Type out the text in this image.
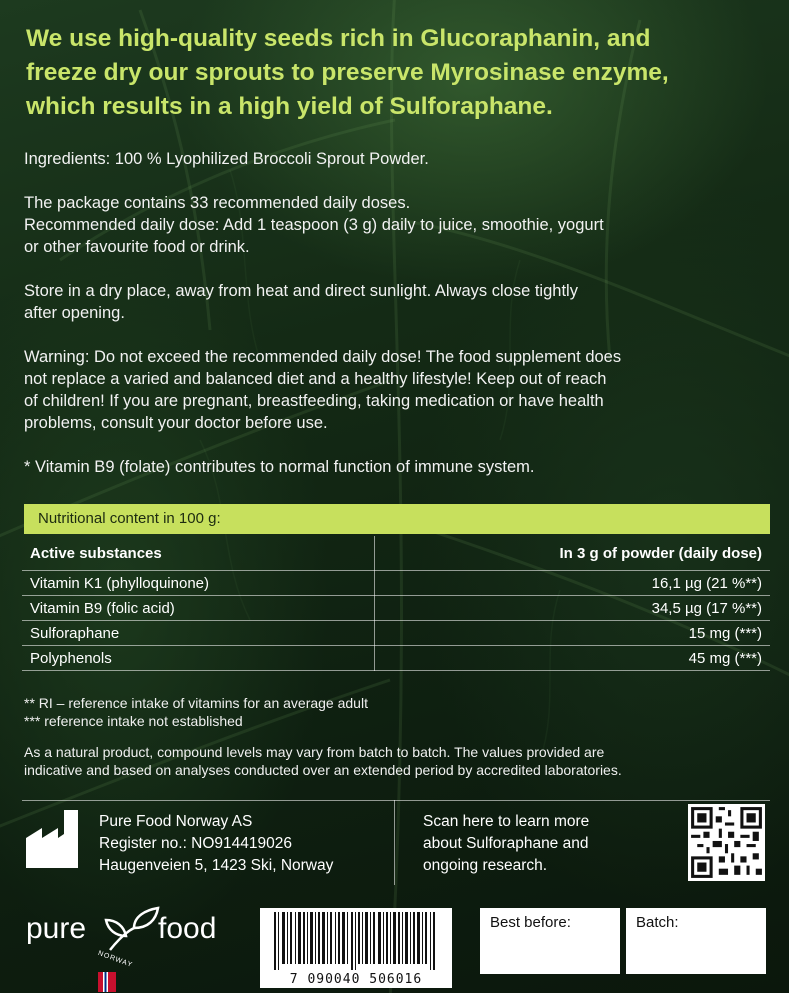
We use high-quality seeds rich in Glucoraphanin, and
freeze dry our sprouts to preserve Myrosinase enzyme,
which results in a high yield of Sulforaphane.
Ingredients: 100 % Lyophilized Broccoli Sprout Powder.
The package contains 33 recommended daily doses.
Recommended daily dose: Add 1 teaspoon (3 g) daily to juice, smoothie, yogurt
or other favourite food or drink.
Store in a dry place, away from heat and direct sunlight. Always close tightly
after opening.
Warning: Do not exceed the recommended daily dose! The food supplement does
not replace a varied and balanced diet and a healthy lifestyle! Keep out of reach
of children! If you are pregnant, breastfeeding, taking medication or have health
problems, consult your doctor before use.
* Vitamin B9 (folate) contributes to normal function of immune system.
Nutritional content in 100 g:
Active substances	In 3 g of powder (daily dose)
Vitamin K1 (phylloquinone)	16,1 µg (21 %**)
Vitamin B9 (folic acid)	34,5 µg (17 %**)
Sulforaphane	15 mg (***)
Polyphenols	45 mg (***)
** RI – reference intake of vitamins for an average adult
*** reference intake not established
As a natural product, compound levels may vary from batch to batch. The values provided are
indicative and based on analyses conducted over an extended period by accredited laboratories.
Pure Food Norway AS
Register no.: NO914419026
Haugenveien 5, 1423 Ski, Norway
Scan here to learn more
about Sulforaphane and
ongoing research.
pure food
NORWAY
7 090040 506016
Best before:	Batch:
